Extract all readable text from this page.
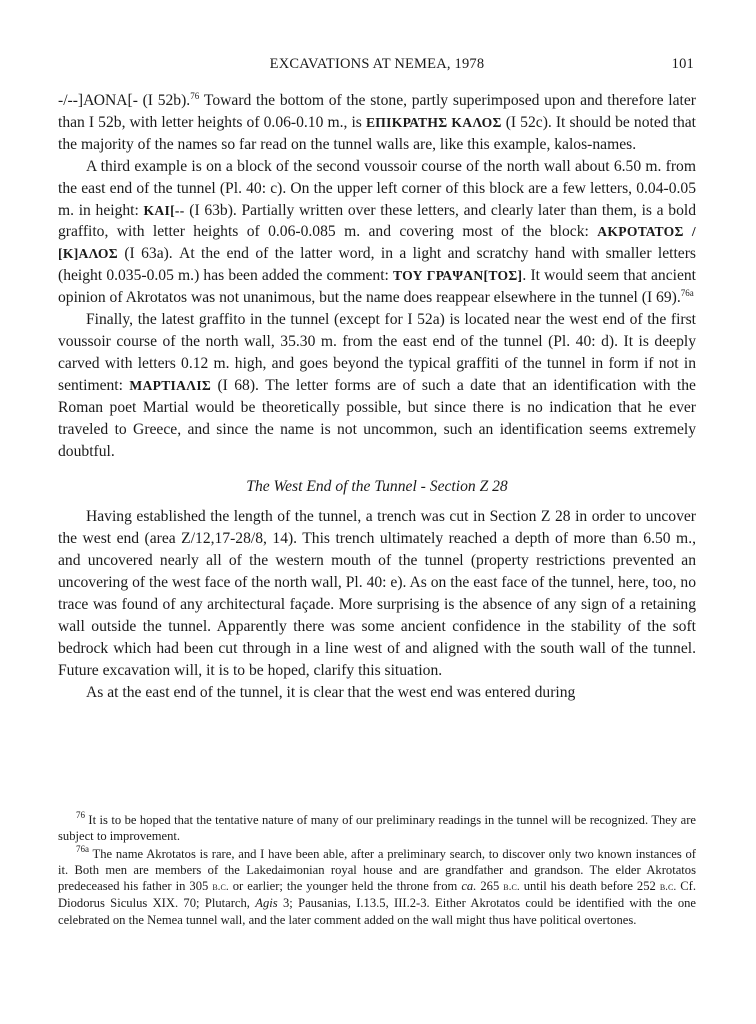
EXCAVATIONS AT NEMEA, 1978	101

-/--]ΑΟΝΑ[- (I 52b).$^{76}$ Toward the bottom of the stone, partly superimposed upon and therefore later than I 52b, with letter heights of 0.06-0.10 m., is ΕΠΙΚΡΑΤΗΣ ΚΑΛΟΣ (I 52c). It should be noted that the majority of the names so far read on the tunnel walls are, like this example, kalos-names.

A third example is on a block of the second voussoir course of the north wall about 6.50 m. from the east end of the tunnel (Pl. 40: c). On the upper left corner of this block are a few letters, 0.04-0.05 m. in height: ΚΑΙ[-- (I 63b). Partially written over these letters, and clearly later than them, is a bold graffito, with letter heights of 0.06-0.085 m. and covering most of the block: ΑΚΡΟΤΑΤΟΣ / [Κ]ΑΛΟΣ (I 63a). At the end of the latter word, in a light and scratchy hand with smaller letters (height 0.035-0.05 m.) has been added the comment: ΤΟΥ ΓΡΑΨΑΝ[ΤΟΣ]. It would seem that ancient opinion of Akrotatos was not unanimous, but the name does reappear elsewhere in the tunnel (I 69).$^{76a}$

Finally, the latest graffito in the tunnel (except for I 52a) is located near the west end of the first voussoir course of the north wall, 35.30 m. from the east end of the tunnel (Pl. 40: d). It is deeply carved with letters 0.12 m. high, and goes beyond the typical graffiti of the tunnel in form if not in sentiment: ΜΑΡΤΙΑΛΙΣ (I 68). The letter forms are of such a date that an identification with the Roman poet Martial would be theoretically possible, but since there is no indication that he ever traveled to Greece, and since the name is not uncommon, such an identification seems extremely doubtful.

The West End of the Tunnel - Section Z 28

Having established the length of the tunnel, a trench was cut in Section Z 28 in order to uncover the west end (area Z/12,17-28/8, 14). This trench ultimately reached a depth of more than 6.50 m., and uncovered nearly all of the western mouth of the tunnel (property restrictions prevented an uncovering of the west face of the north wall, Pl. 40: e). As on the east face of the tunnel, here, too, no trace was found of any architectural façade. More surprising is the absence of any sign of a retaining wall outside the tunnel. Apparently there was some ancient confidence in the stability of the soft bedrock which had been cut through in a line west of and aligned with the south wall of the tunnel. Future excavation will, it is to be hoped, clarify this situation.

As at the east end of the tunnel, it is clear that the west end was entered during

$^{76}$ It is to be hoped that the tentative nature of many of our preliminary readings in the tunnel will be recognized. They are subject to improvement.

$^{76a}$ The name Akrotatos is rare, and I have been able, after a preliminary search, to discover only two known instances of it. Both men are members of the Lakedaimonian royal house and are grandfather and grandson. The elder Akrotatos predeceased his father in 305 b.c. or earlier; the younger held the throne from ca. 265 b.c. until his death before 252 b.c. Cf. Diodorus Siculus XIX. 70; Plutarch, Agis 3; Pausanias, I.13.5, III.2-3. Either Akrotatos could be identified with the one celebrated on the Nemea tunnel wall, and the later comment added on the wall might thus have political overtones.
